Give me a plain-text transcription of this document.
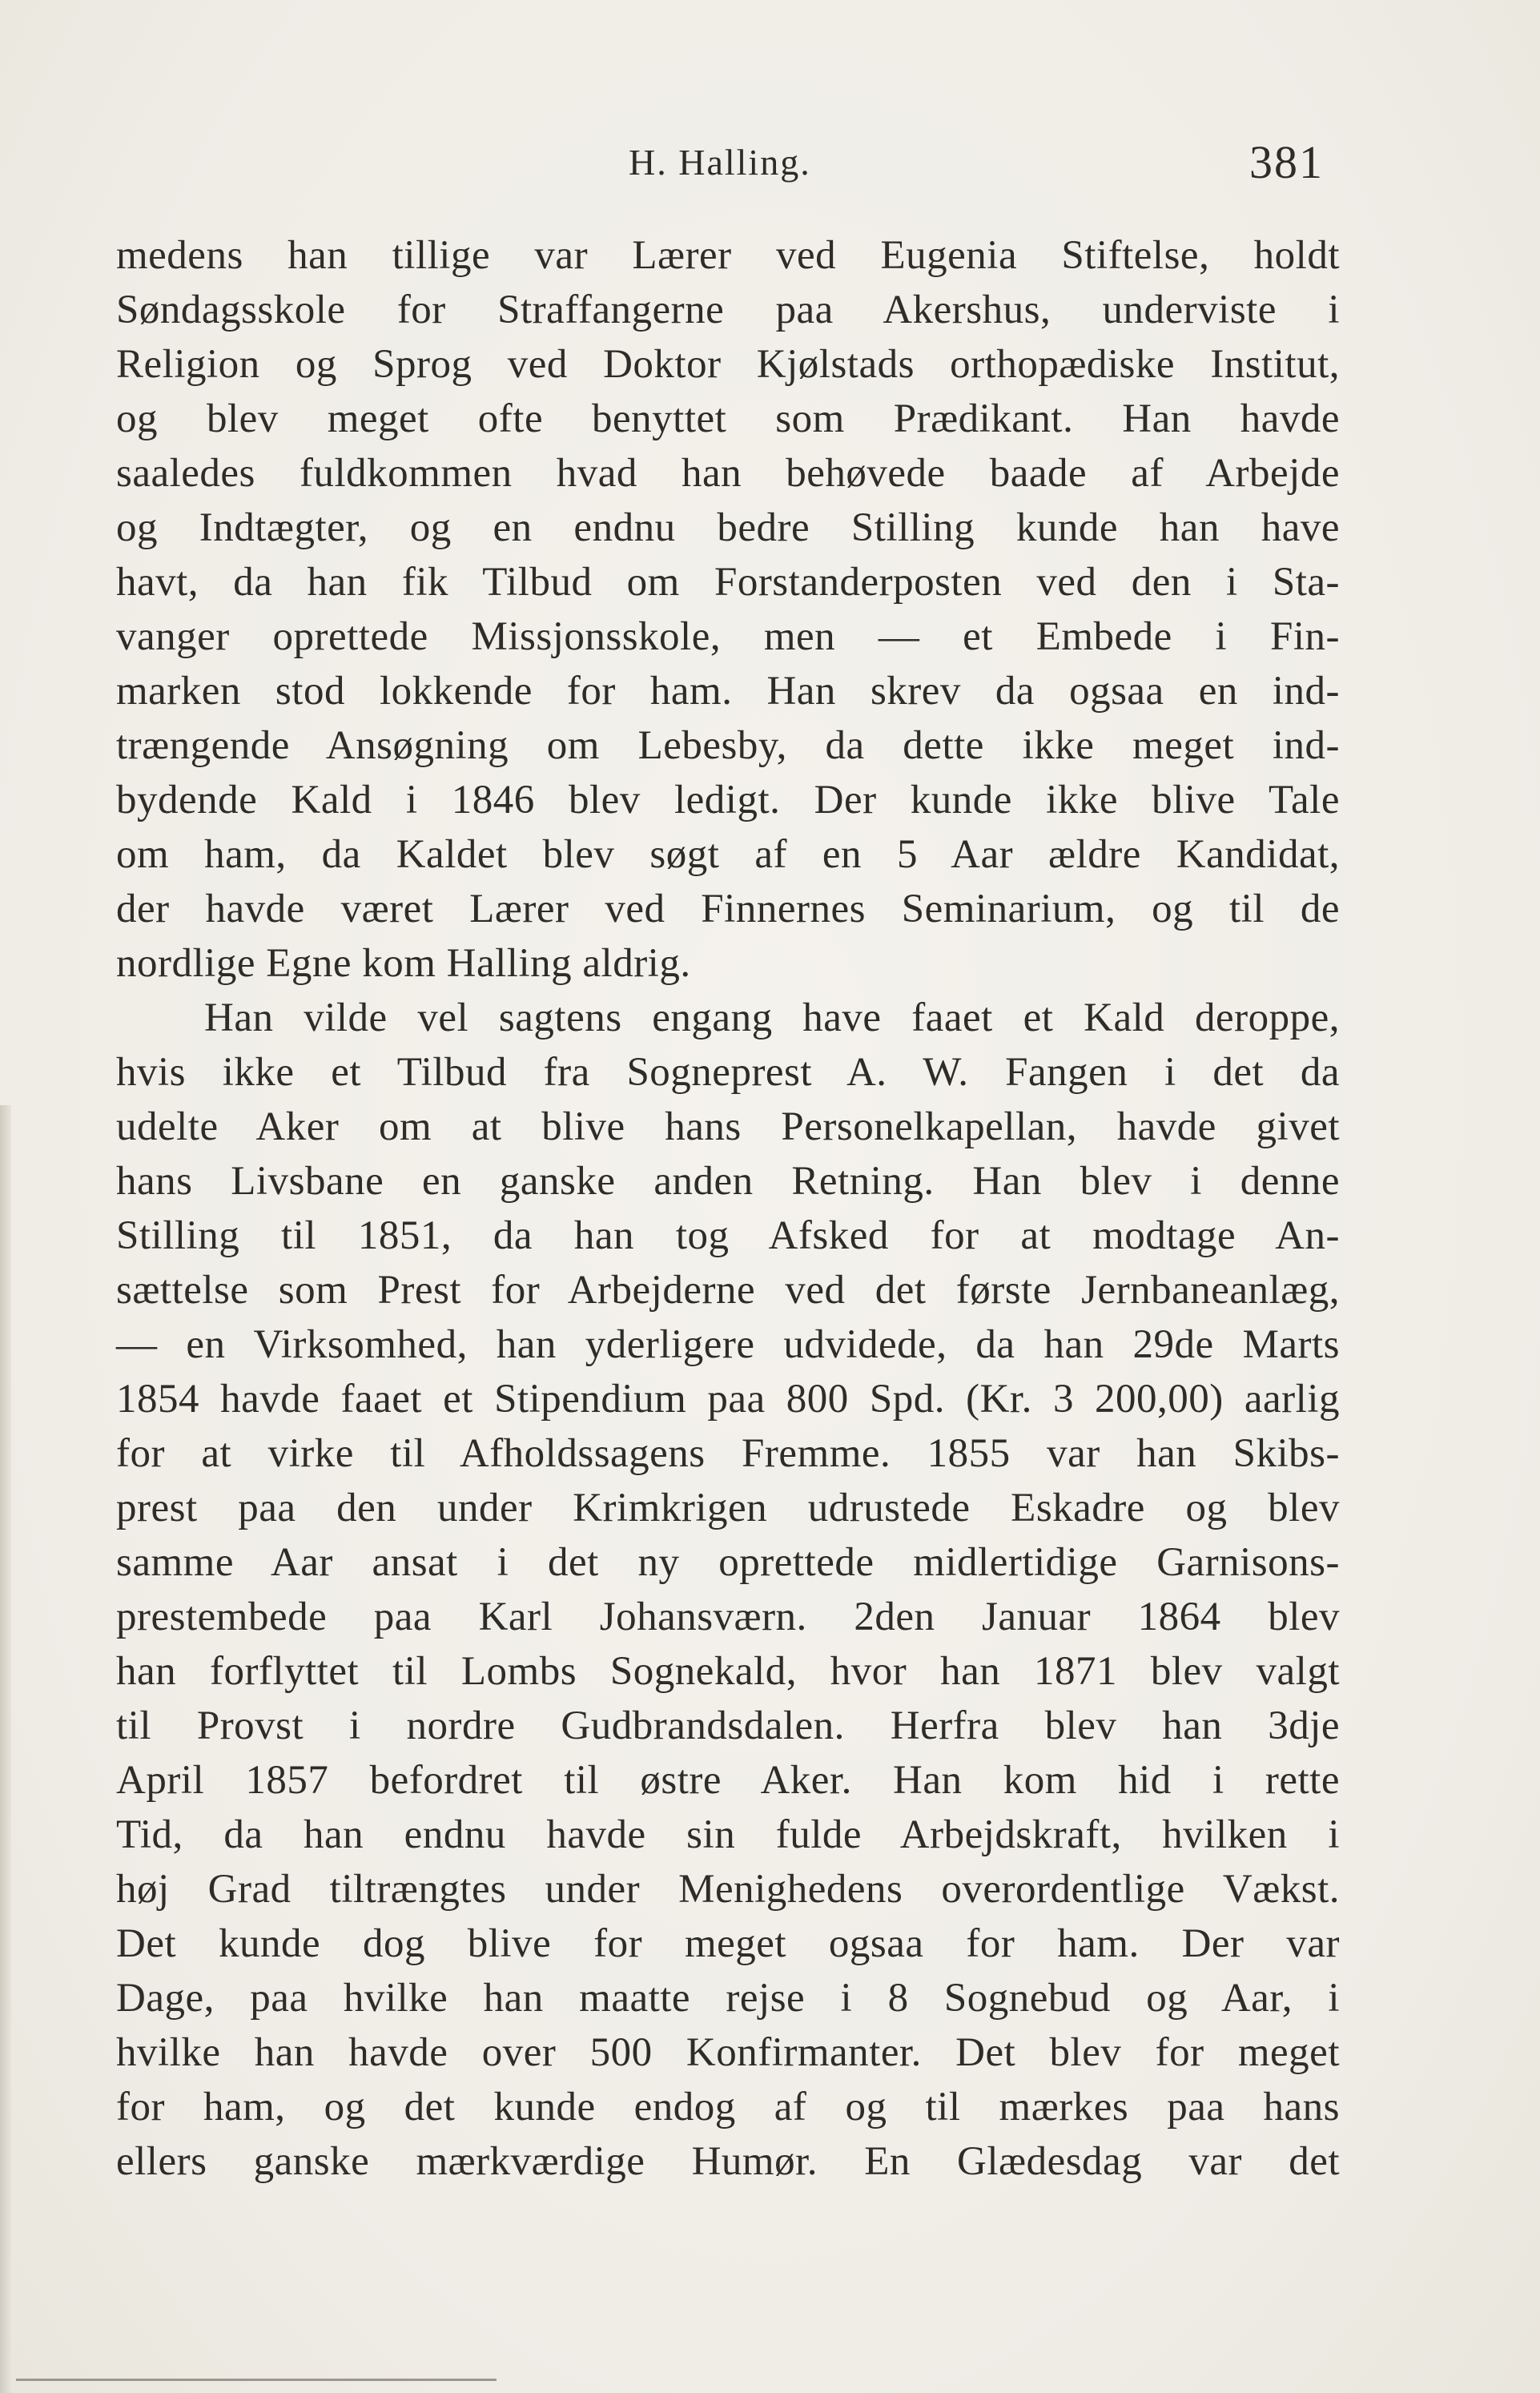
H. Halling.	381
medens han tillige var Lærer ved Eugenia Stiftelse, holdt
Søndagsskole for Straffangerne paa Akershus, underviste i
Religion og Sprog ved Doktor Kjølstads orthopædiske Institut,
og blev meget ofte benyttet som Prædikant. Han havde
saaledes fuldkommen hvad han behøvede baade af Arbejde
og Indtægter, og en endnu bedre Stilling kunde han have
havt, da han fik Tilbud om Forstanderposten ved den i Sta-
vanger oprettede Missjonsskole, men — et Embede i Fin-
marken stod lokkende for ham. Han skrev da ogsaa en ind-
trængende Ansøgning om Lebesby, da dette ikke meget ind-
bydende Kald i 1846 blev ledigt. Der kunde ikke blive Tale
om ham, da Kaldet blev søgt af en 5 Aar ældre Kandidat,
der havde været Lærer ved Finnernes Seminarium, og til de
nordlige Egne kom Halling aldrig.
Han vilde vel sagtens engang have faaet et Kald deroppe,
hvis ikke et Tilbud fra Sogneprest A. W. Fangen i det da
udelte Aker om at blive hans Personelkapellan, havde givet
hans Livsbane en ganske anden Retning. Han blev i denne
Stilling til 1851, da han tog Afsked for at modtage An-
sættelse som Prest for Arbejderne ved det første Jernbaneanlæg,
— en Virksomhed, han yderligere udvidede, da han 29de Marts
1854 havde faaet et Stipendium paa 800 Spd. (Kr. 3 200,00) aarlig
for at virke til Afholdssagens Fremme. 1855 var han Skibs-
prest paa den under Krimkrigen udrustede Eskadre og blev
samme Aar ansat i det ny oprettede midlertidige Garnisons-
prestembede paa Karl Johansværn. 2den Januar 1864 blev
han forflyttet til Lombs Sognekald, hvor han 1871 blev valgt
til Provst i nordre Gudbrandsdalen. Herfra blev han 3dje
April 1857 befordret til østre Aker. Han kom hid i rette
Tid, da han endnu havde sin fulde Arbejdskraft, hvilken i
høj Grad tiltrængtes under Menighedens overordentlige Vækst.
Det kunde dog blive for meget ogsaa for ham. Der var
Dage, paa hvilke han maatte rejse i 8 Sognebud og Aar, i
hvilke han havde over 500 Konfirmanter. Det blev for meget
for ham, og det kunde endog af og til mærkes paa hans
ellers ganske mærkværdige Humør. En Glædesdag var det
